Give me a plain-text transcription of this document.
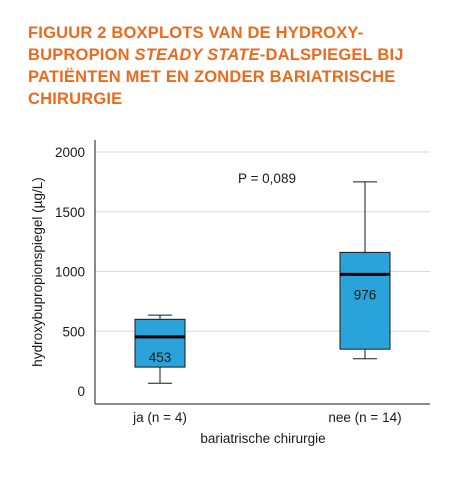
FIGUUR 2 BOXPLOTS VAN DE HYDROXY-BUPROPION STEADY STATE-DALSPIEGEL BIJ PATIËNTEN MET EN ZONDER BARIATRISCHE CHIRURGIE
0
500
1000
1500
2000
453
976
ja (n = 4)	nee (n = 14)
hydroxybupropionspiegel (µg/L)
bariatrische chirurgie
P = 0,089
